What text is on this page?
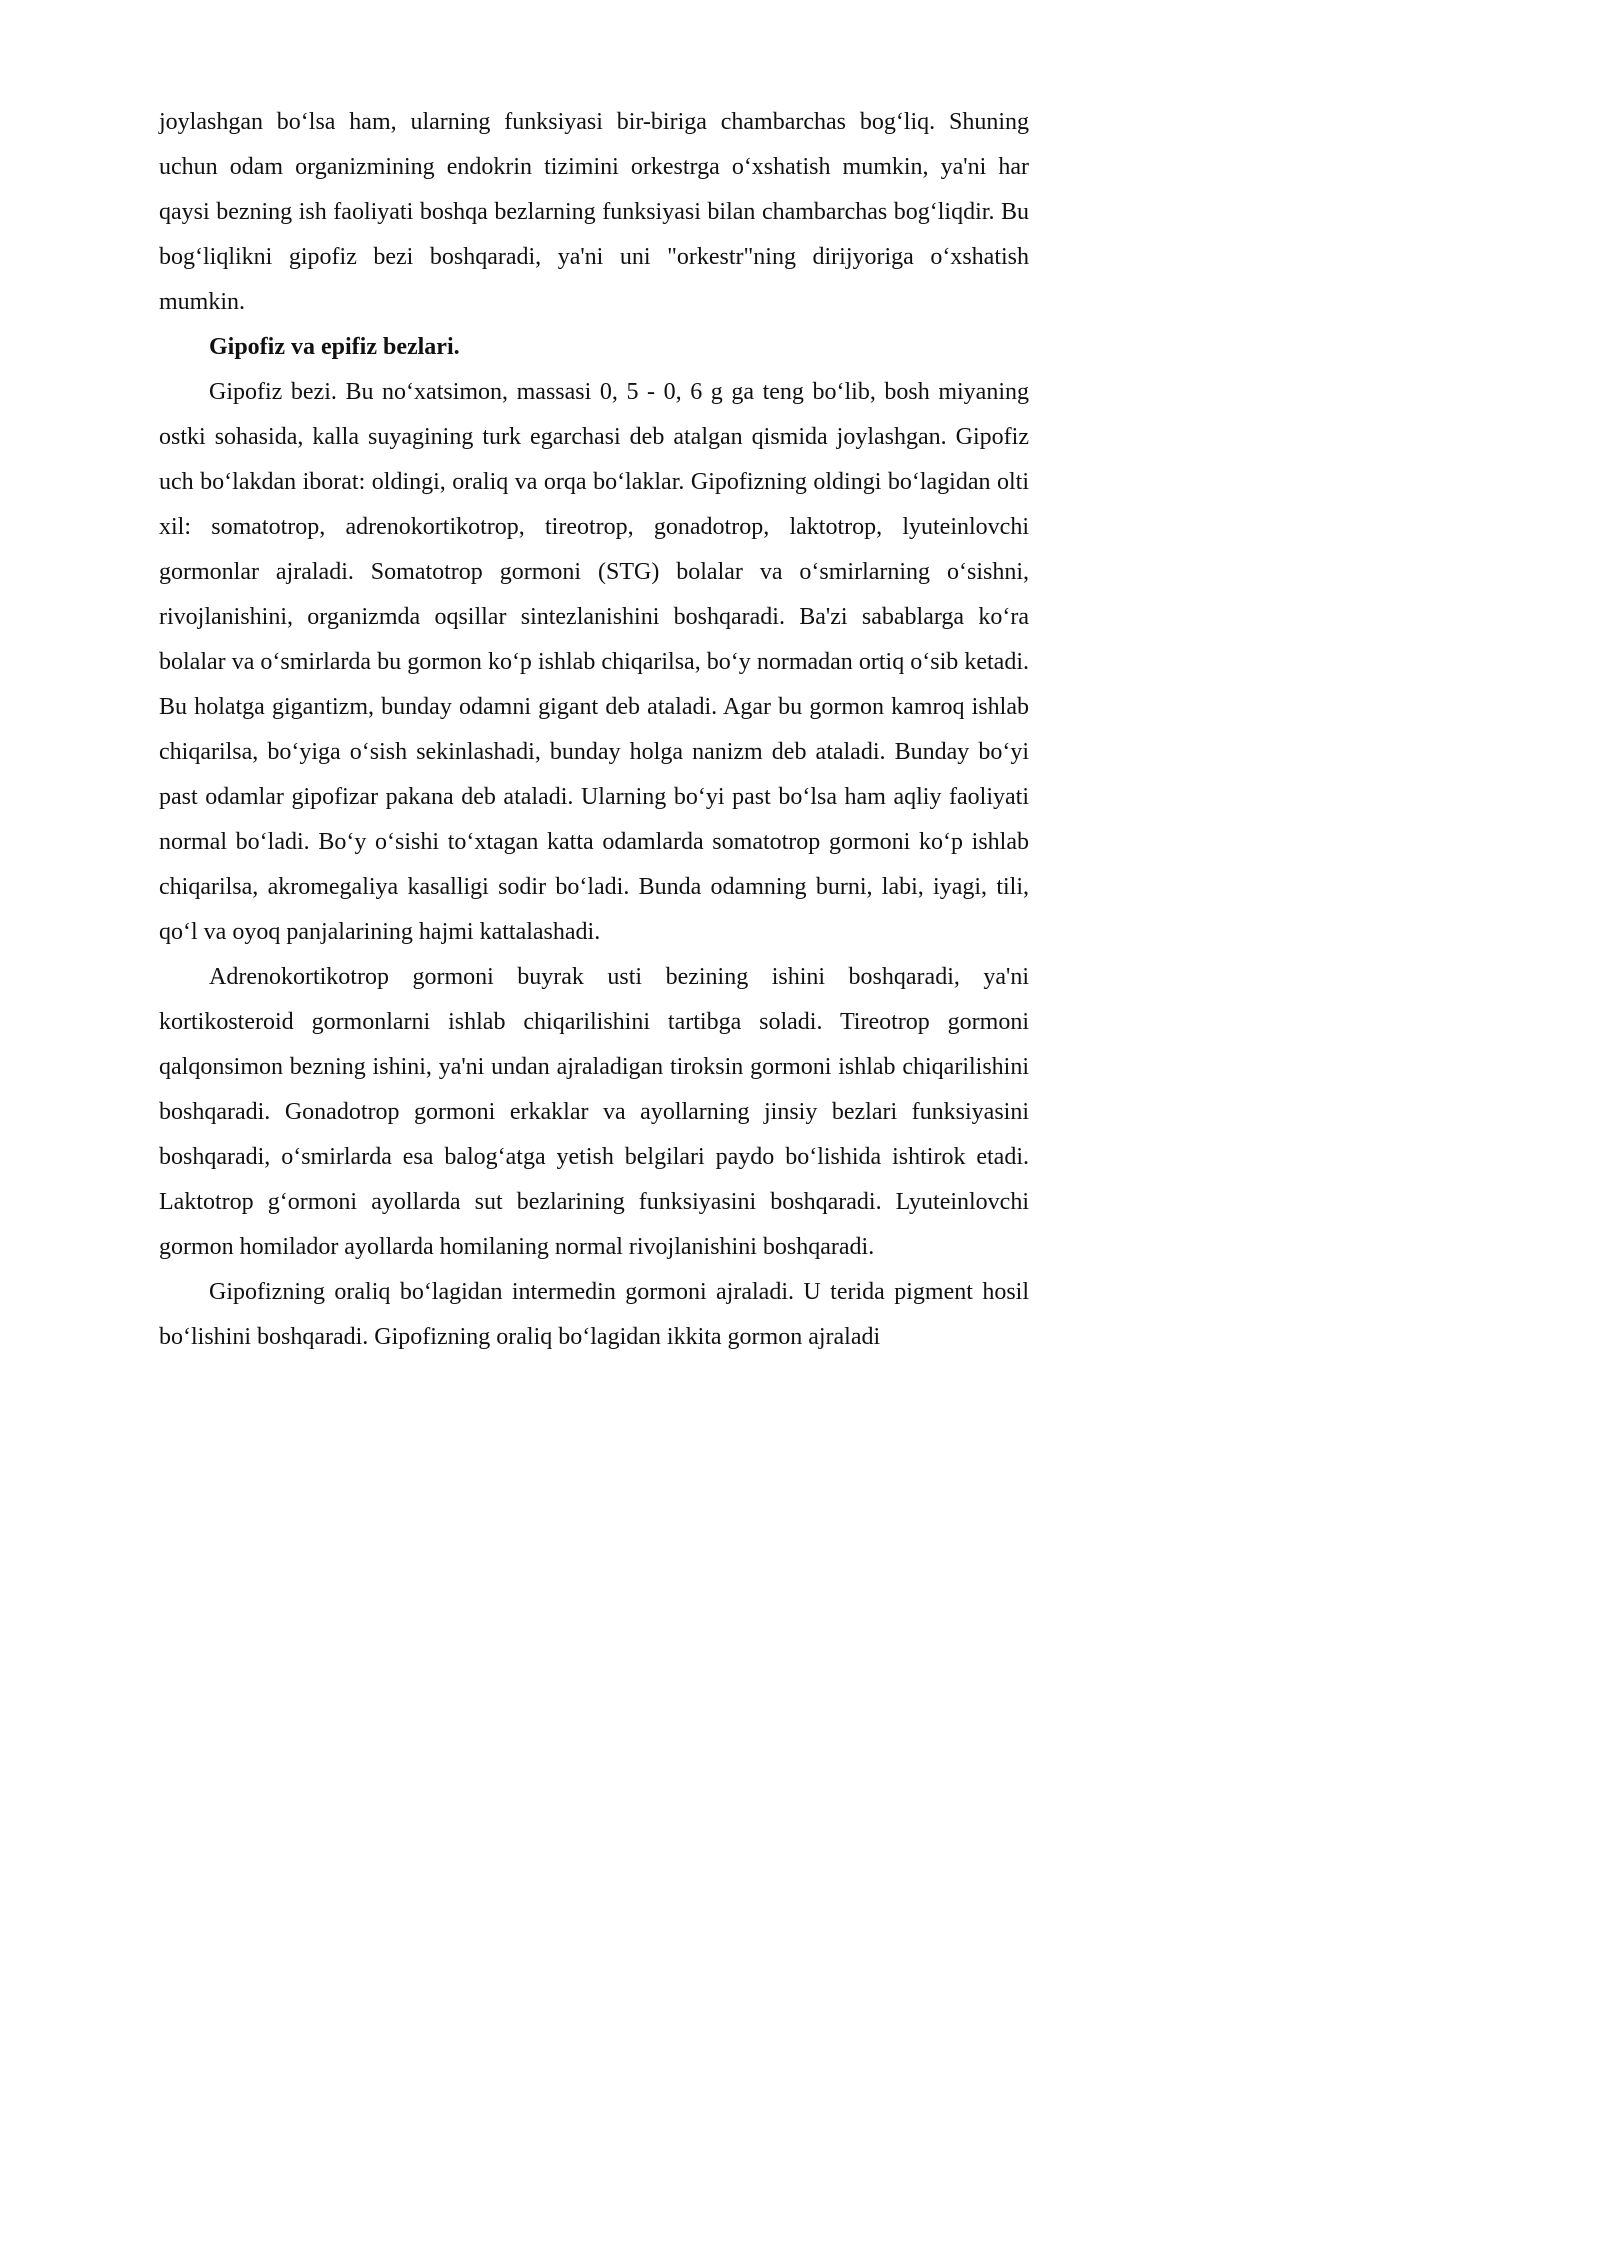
joylashgan bo‘lsa ham, ularning funksiyasi bir-biriga chambarchas bog‘liq. Shuning uchun odam organizmining endokrin tizimini orkestrga o‘xshatish mumkin, ya'ni har qaysi bezning ish faoliyati boshqa bezlarning funksiyasi bilan chambarchas bog‘liqdir. Bu bog‘liqlikni gipofiz bezi boshqaradi, ya'ni uni "orkestr"ning dirijyoriga o‘xshatish mumkin.

Gipofiz va epifiz bezlari.

Gipofiz bezi. Bu no‘xatsimon, massasi 0, 5 - 0, 6 g ga teng bo‘lib, bosh miyaning ostki sohasida, kalla suyagining turk egarchasi deb atalgan qismida joylashgan. Gipofiz uch bo‘lakdan iborat: oldingi, oraliq va orqa bo‘laklar. Gipofizning oldingi bo‘lagidan olti xil: somatotrop, adrenokortikotrop, tireotrop, gonadotrop, laktotrop, lyuteinlovchi gormonlar ajraladi. Somatotrop gormoni (STG) bolalar va o‘smirlarning o‘sishni, rivojlanishini, organizmda oqsillar sintezlanishini boshqaradi. Ba'zi sabablarga ko‘ra bolalar va o‘smirlarda bu gormon ko‘p ishlab chiqarilsa, bo‘y normadan ortiq o‘sib ketadi. Bu holatga gigantizm, bunday odamni gigant deb ataladi. Agar bu gormon kamroq ishlab chiqarilsa, bo‘yiga o‘sish sekinlashadi, bunday holga nanizm deb ataladi. Bunday bo‘yi past odamlar gipofizar pakana deb ataladi. Ularning bo‘yi past bo‘lsa ham aqliy faoliyati normal bo‘ladi. Bo‘y o‘sishi to‘xtagan katta odamlarda somatotrop gormoni ko‘p ishlab chiqarilsa, akromegaliya kasalligi sodir bo‘ladi. Bunda odamning burni, labi, iyagi, tili, qo‘l va oyoq panjalarining hajmi kattalashadi.

Adrenokortikotrop gormoni buyrak usti bezining ishini boshqaradi, ya'ni kortikosteroid gormonlarni ishlab chiqarilishini tartibga soladi. Tireotrop gormoni qalqonsimon bezning ishini, ya'ni undan ajraladigan tiroksin gormoni ishlab chiqarilishini boshqaradi. Gonadotrop gormoni erkaklar va ayollarning jinsiy bezlari funksiyasini boshqaradi, o‘smirlarda esa balog‘atga yetish belgilari paydo bo‘lishida ishtirok etadi. Laktotrop g‘ormoni ayollarda sut bezlarining funksiyasini boshqaradi. Lyuteinlovchi gormon homilador ayollarda homilaning normal rivojlanishini boshqaradi.

Gipofizning oraliq bo‘lagidan intermedin gormoni ajraladi. U terida pigment hosil bo‘lishini boshqaradi. Gipofizning oraliq bo‘lagidan ikkita gormon ajraladi
